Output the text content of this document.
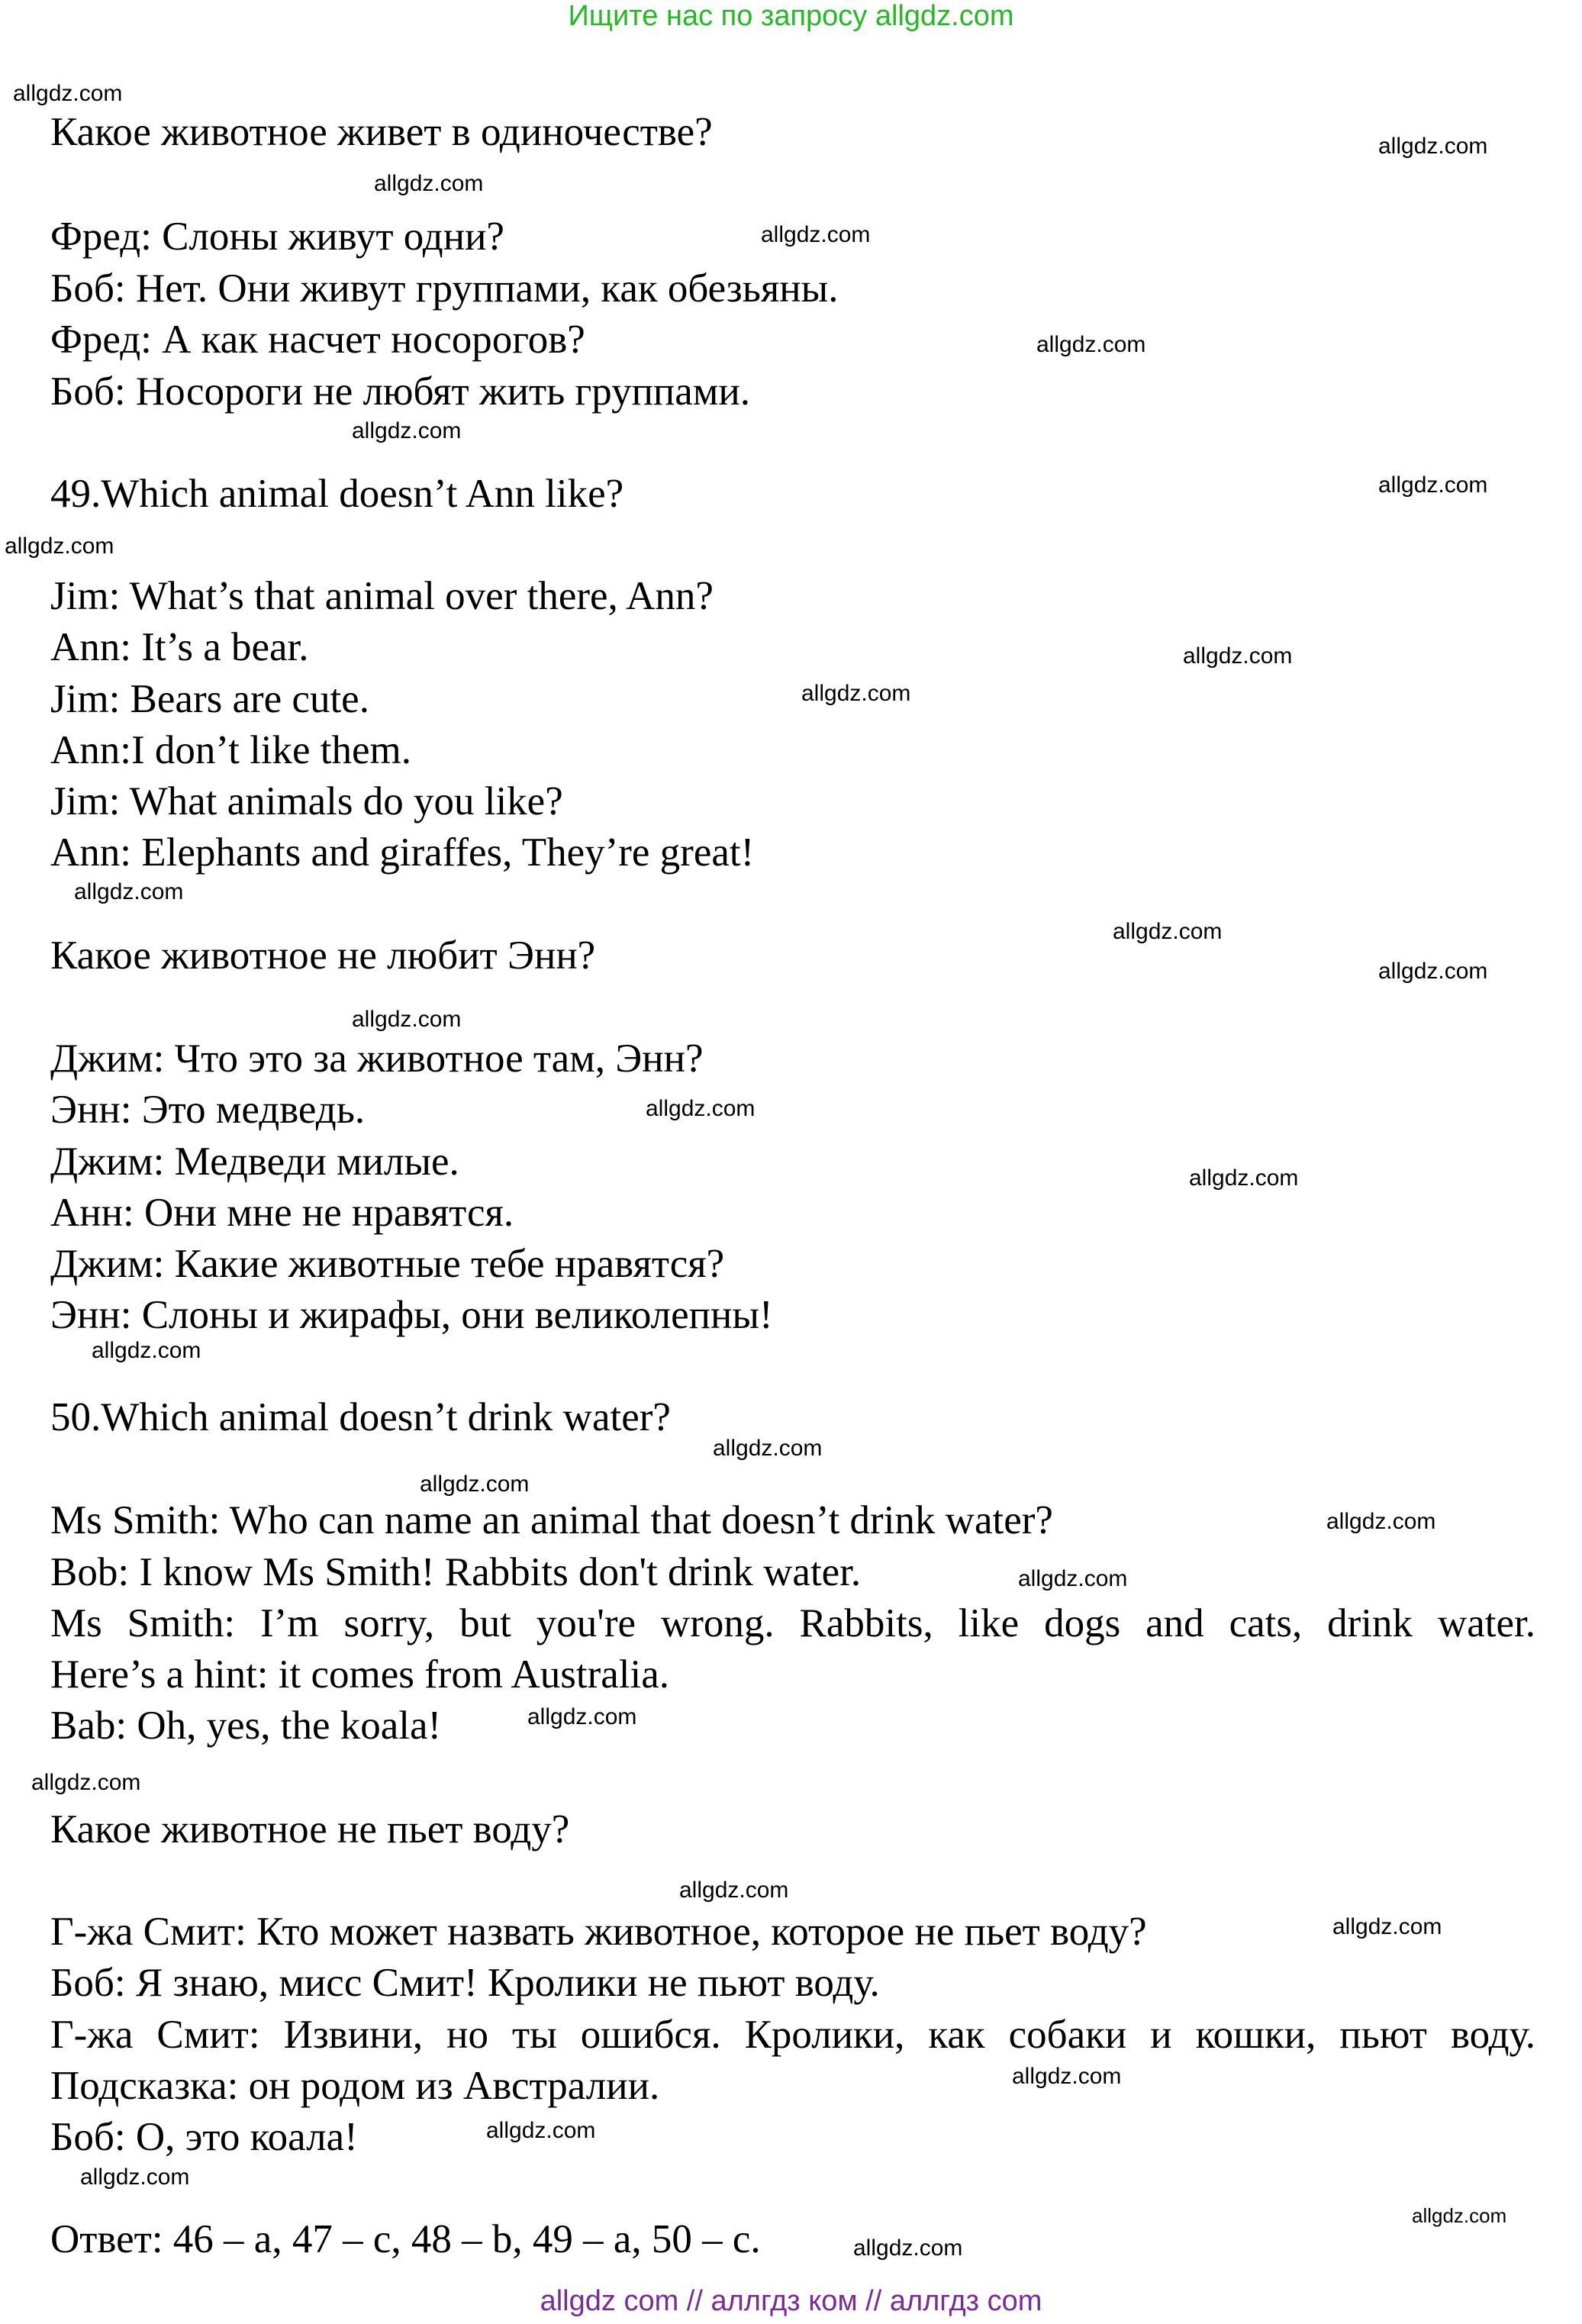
Ищите нас по запросу allgdz.com
Какое животное живет в одиночестве?
Фред: Слоны живут одни?
Боб: Нет. Они живут группами, как обезьяны.
Фред: А как насчет носорогов?
Боб: Носороги не любят жить группами.
49.Which animal doesn’t Ann like?
Jim: What’s that animal over there, Ann?
Ann: It’s a bear.
Jim: Bears are cute.
Ann:I don’t like them.
Jim: What animals do you like?
Ann: Elephants and giraffes, They’re great!
Какое животное не любит Энн?
Джим: Что это за животное там, Энн?
Энн: Это медведь.
Джим: Медведи милые.
Анн: Они мне не нравятся.
Джим: Какие животные тебе нравятся?
Энн: Слоны и жирафы, они великолепны!
50.Which animal doesn’t drink water?
Ms Smith: Who can name an animal that doesn’t drink water?
Bob: I know Ms Smith! Rabbits don't drink water.
Ms Smith: I’m sorry, but you're wrong. Rabbits, like dogs and cats, drink water.
Here’s a hint: it comes from Australia.
Bab: Oh, yes, the koala!
Какое животное не пьет воду?
Г-жа Смит: Кто может назвать животное, которое не пьет воду?
Боб: Я знаю, мисс Смит! Кролики не пьют воду.
Г-жа Смит: Извини, но ты ошибся. Кролики, как собаки и кошки, пьют воду.
Подсказка: он родом из Австралии.
Боб: О, это коала!
Ответ: 46 – a, 47 – c, 48 – b, 49 – a, 50 – c.
allgdz.com
allgdz.com
allgdz.com
allgdz.com
allgdz.com
allgdz.com
allgdz.com
allgdz.com
allgdz.com
allgdz.com
allgdz.com
allgdz.com
allgdz.com
allgdz.com
allgdz.com
allgdz.com
allgdz.com
allgdz.com
allgdz.com
allgdz.com
allgdz.com
allgdz.com
allgdz.com
allgdz.com
allgdz.com
allgdz.com
allgdz.com
allgdz.com
allgdz.com
allgdz.com
allgdz com // аллгдз ком // аллгдз com
